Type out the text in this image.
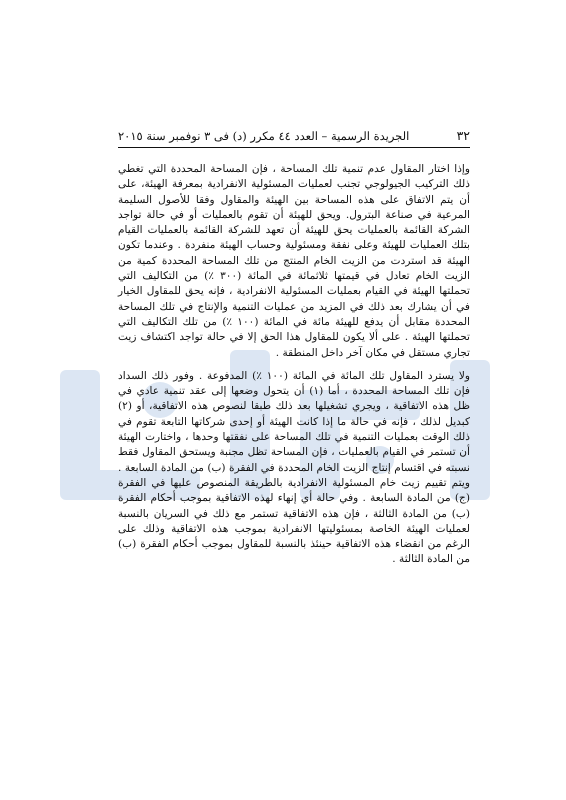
٣٢
الجريدة الرسمية – العدد ٤٤ مكرر (د) فى ٣ نوفمبر سنة ٢٠١٥

وإذا اختار المقاول عدم تنمية تلك المساحة ، فإن المساحة المحددة التي تغطي ذلك التركيب الجيولوجي تجنب لعمليات المسئولية الانفرادية بمعرفة الهيئة، على أن يتم الاتفاق على هذه المساحة بين الهيئة والمقاول وفقا للأصول السليمة المرعية في صناعة البترول. ويحق للهيئة أن تقوم بالعمليات أو في حالة تواجد الشركة القائمة بالعمليات يحق للهيئة أن تعهد للشركة القائمة بالعمليات القيام بتلك العمليات للهيئة وعلى نفقة ومسئولية وحساب الهيئة منفردة . وعندما تكون الهيئة قد استردت من الزيت الخام المنتج من تلك المساحة المحددة كمية من الزيت الخام تعادل في قيمتها ثلاثمائة في المائة (٣٠٠ ٪) من التكاليف التي تحملتها الهيئة في القيام بعمليات المسئولية الانفرادية ، فإنه يحق للمقاول الخيار في أن يشارك بعد ذلك في المزيد من عمليات التنمية والإنتاج في تلك المساحة المحددة مقابل أن يدفع للهيئة مائة في المائة (١٠٠ ٪) من تلك التكاليف التي تحملتها الهيئة . على ألا يكون للمقاول هذا الحق إلا في حالة تواجد اكتشاف زيت تجاري مستقل في مكان آخر داخل المنطقة .

ولا يسترد المقاول تلك المائة في المائة (١٠٠ ٪) المدفوعة . وفور ذلك السداد فإن تلك المساحة المحددة ، أما (١) أن يتحول وضعها إلى عقد تنمية عادي في ظل هذه الاتفاقية ، ويجري تشغيلها بعد ذلك طبقا لنصوص هذه الاتفاقية، أو (٢) كبديل لذلك ، فإنه في حالة ما إذا كانت الهيئة أو إحدى شركاتها التابعة تقوم في ذلك الوقت بعمليات التنمية في تلك المساحة على نفقتها وحدها ، واختارت الهيئة أن تستمر في القيام بالعمليات ، فإن المساحة تظل مجنبة ويستحق المقاول فقط نسبته في اقتسام إنتاج الزيت الخام المحددة في الفقرة (ب) من المادة السابعة . ويتم تقييم زيت خام المسئولية الانفرادية بالطريقة المنصوص عليها في الفقرة (ج) من المادة السابعة . وفي حالة أي إنهاء لهذه الاتفاقية بموجب أحكام الفقرة (ب) من المادة الثالثة ، فإن هذه الاتفاقية تستمر مع ذلك في السريان بالنسبة لعمليات الهيئة الخاصة بمسئوليتها الانفرادية بموجب هذه الاتفاقية وذلك على الرغم من انقضاء هذه الاتفاقية حينئذ بالنسبة للمقاول بموجب أحكام الفقرة (ب) من المادة الثالثة .
